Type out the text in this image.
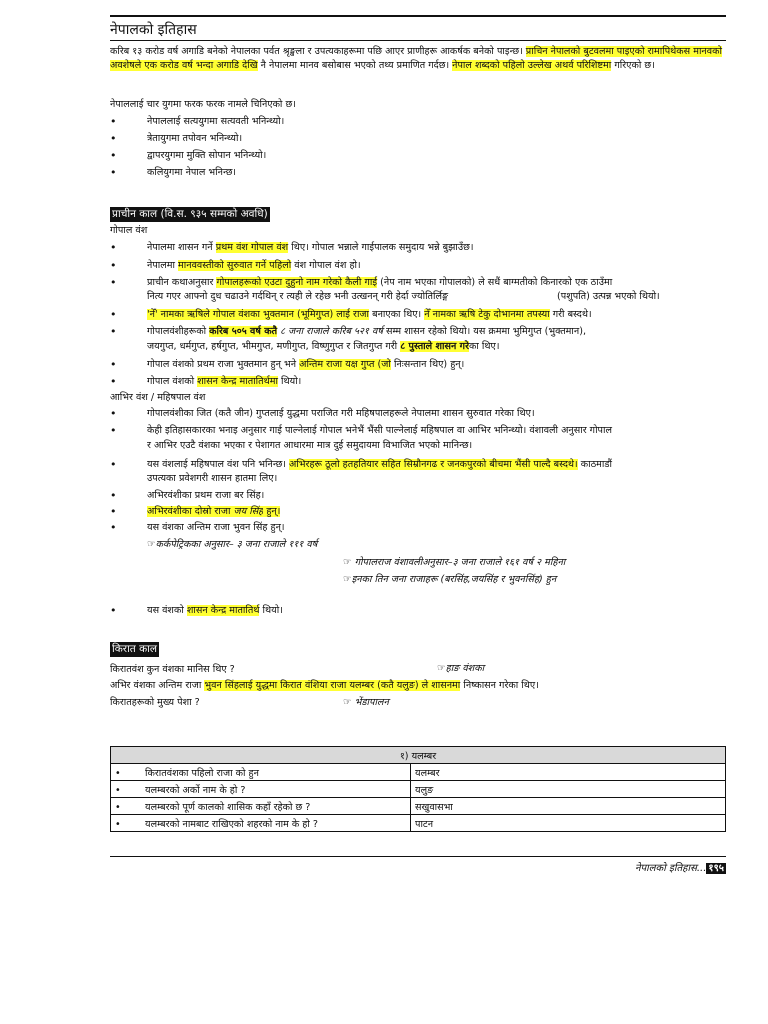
नेपालको इतिहास
करिब १३ करोड वर्ष अगाडि बनेको नेपालका पर्वत श्रृङ्खला र उपत्यकाहरूमा पछि आएर प्राणीहरू आकर्षक बनेको पाइन्छ। प्राचिन नेपालको बुटवलमा पाइएको रामापिथेकस मानवको अवशेषले एक करोड वर्ष भन्दा अगाडि देखि नै नेपालमा मानव बसोबास भएको तथ्य प्रमाणित गर्दछ। नेपाल शब्दको पहिलो उल्लेख अथर्व परिशिष्टमा गरिएको छ।
नेपाललाई चार युगमा फरक फरक नामले चिनिएको छ।
•	नेपाललाई सत्ययुगमा सत्यवती भनिन्थ्यो।
•	त्रेतायुगमा तपोवन भनिन्थ्यो।
•	द्वापरयुगमा मुक्ति सोपान भनिन्थ्यो।
•	कलियुगमा नेपाल भनिन्छ।
प्राचीन काल (वि.स. ९३५ सम्मको अवधि)
गोपाल वंश
•	नेपालमा शासन गर्ने प्रथम वंश गोपाल वंश थिए। गोपाल भन्नाले गाईपालक समुदाय भन्ने बुझाउँछ।
•	नेपालमा मानववस्तीको सुरुवात गर्ने पहिलो वंश गोपाल वंश हो।
•	प्राचीन कथाअनुसार गोपालहरूको एउटा दुहुनो नाम गरेको कैली गाई (नेप नाम भएका गोपालको) ले सधैं बाग्मतीको किनारको एक ठाउँमा
नित्य गएर आफ्नो दुध चढाउने गर्दथिन् र त्यही ले रहेछ भनी उत्खनन् गरी हेर्दा ज्योतिर्लिङ्ग	(पशुपति) उत्पन्न भएको थियो।
•	'नेँ' नामका ऋषिले गोपाल वंशका भुक्तमान (भूमिगुप्त) लाई राजा बनाएका थिए। नेँ नामका ऋषि टेकु दोभानमा तपस्या गरी बस्दथे।
•	गोपालवंशीहरूको करिब ५०५ वर्ष कतै ८ जना राजाले करिब ५२१ वर्ष सम्म शासन रहेको थियो। यस क्रममा भुमिगुप्त (भुक्तमान),
जयगुप्त, धर्मगुप्त, हर्षगुप्त, भीमगुप्त, मणीगुप्त, विष्णुगुप्त र जितगुप्त गरी ८ पुस्ताले शासन गरेका थिए।
•	गोपाल वंशको प्रथम राजा भुक्तमान हुन् भने अन्तिम राजा यक्ष गुप्त (जो निःसन्तान थिए) हुन्।
•	गोपाल वंशको शासन केन्द्र मातातिर्थमा थियो।
आभिर वंश / महिषपाल वंश
•	गोपालवंशीका जित (कतै जीन) गुप्तलाई युद्धमा पराजित गरी महिषपालहरूले नेपालमा शासन सुरुवात गरेका थिए।
•	केही इतिहासकारका भनाइ अनुसार गाई पाल्नेलाई गोपाल भनेभैं भैंसी पाल्नेलाई महिषपाल वा आभिर भनिन्थ्यो। वंशावली अनुसार गोपाल
र आभिर एउटै वंशका भएका र पेशागत आधारमा मात्र दुई समुदायमा विभाजित भएको मानिन्छ।
•	यस वंशलाई महिषपाल वंश पनि भनिन्छ। अभिरहरू ठूलो हतहतियार सहित सिम्रौनगढ र जनकपुरको बीचमा भैंसी पाल्दै बस्दथे। काठमाडौं
उपत्यका प्रवेशगरी शासन हातमा लिए।
•	अभिरवंशीका प्रथम राजा बर सिंह।
•	अभिरवंशीका दोस्रो राजा जय सिंह हुन्।
•	यस वंशका अन्तिम राजा भुवन सिंह हुन्।
☞कर्कपेट्रिकका अनुसार– ३ जना राजाले १११ वर्ष
☞ गोपालराज वंशावलीअनुसार–३ जना राजाले १६१ वर्ष २ महिना
☞इनका तिन जना राजाहरू (बरसिंह,जयसिंह र भुवनसिंह) हुन
•	यस वंशको शासन केन्द्र मातातिर्थ थियो।
किरात काल
किरातवंश कुन वंशका मानिस थिए ?	☞हाङ वंशका
अभिर वंशका अन्तिम राजा भुवन सिंहलाई युद्धमा किरात वंशिया राजा यलम्बर (कतै यलुङ) ले शासनमा निष्कासन गरेका थिए।
किरातहरूको मुख्य पेशा ?	☞ भेंडापालन
१) यलम्बर	
• किरातवंशका पहिलो राजा को हुन	यलम्बर
• यलम्बरको अर्को नाम के हो ?	यलुङ
• यलम्बरको पूर्ण कालको शासिक कहाँ रहेको छ ?	सखुवासभा
• यलम्बरको नामबाट राखिएको शहरको नाम के हो ?	पाटन
नेपालको इतिहास... १९५
